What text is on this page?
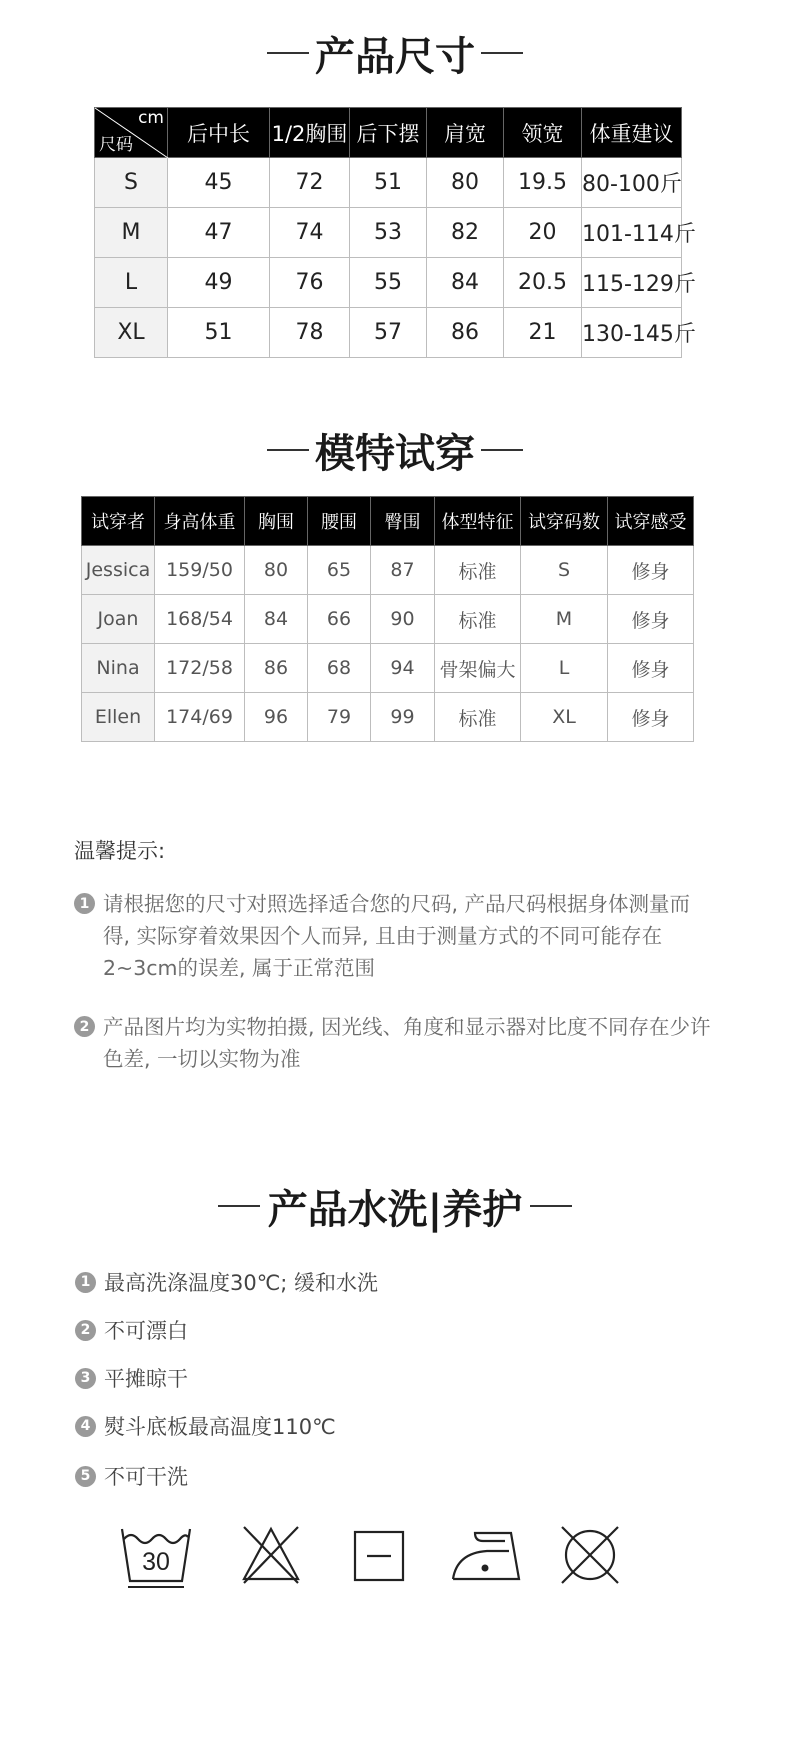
产品尺寸
cm
尺码	后中长	1/2胸围	后下摆	肩宽	领宽	体重建议
S	45	72	51	80	19.5	80-100斤
M	47	74	53	82	20	101-114斤
L	49	76	55	84	20.5	115-129斤
XL	51	78	57	86	21	130-145斤
模特试穿
试穿者	身高体重	胸围	腰围	臀围	体型特征	试穿码数	试穿感受
Jessica	159/50	80	65	87	标准	S	修身
Joan	168/54	84	66	90	标准	M	修身
Nina	172/58	86	68	94	骨架偏大	L	修身
Ellen	174/69	96	79	99	标准	XL	修身
温馨提示:
1 请根据您的尺寸对照选择适合您的尺码, 产品尺码根据身体测量而得, 实际穿着效果因个人而异, 且由于测量方式的不同可能存在2~3cm的误差, 属于正常范围
2 产品图片均为实物拍摄, 因光线、角度和显示器对比度不同存在少许色差, 一切以实物为准
产品水洗|养护
1 最高洗涤温度30℃; 缓和水洗
2 不可漂白
3 平摊晾干
4 熨斗底板最高温度110℃
5 不可干洗
30
